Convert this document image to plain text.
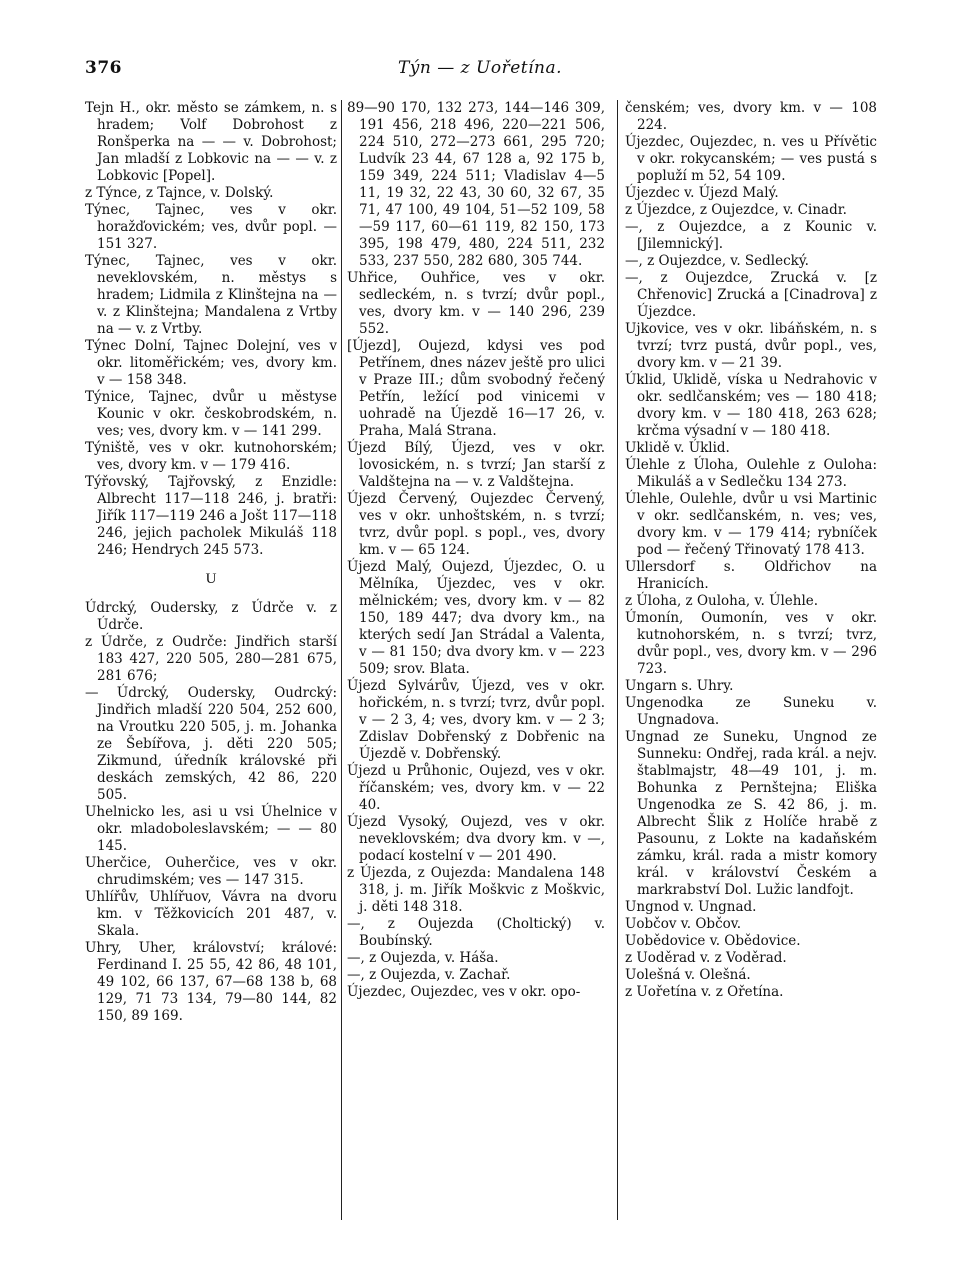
376	Týn — z Uořetína.

Tejn H., okr. město se zámkem, n. s hradem; Volf Dobrohost z Ronšperka na — — v. Dobrohost; Jan mladší z Lobkovic na — — v. z Lobkovic [Popel].

z Týnce, z Tajnce, v. Dolský.

Týnec, Tajnec, ves v okr. horažďovickém; ves, dvůr popl. — 151 327.

Týnec, Tajnec, ves v okr. neveklovském, n. městys s hradem; Lidmila z Klinštejna na — v. z Klinštejna; Mandalena z Vrtby na — v. z Vrtby.

Týnec Dolní, Tajnec Dolejní, ves v okr. litoměřickém; ves, dvory km. v — 158 348.

Týnice, Tajnec, dvůr u městyse Kounic v okr. českobrodském, n. ves; ves, dvory km. v — 141 299.

Týniště, ves v okr. kutnohorském; ves, dvory km. v — 179 416.

Týřovský, Tajřovský, z Enzidle: Albrecht 117—118 246, j. bratři: Jiřík 117—119 246 a Jošt 117—118 246, jejich pacholek Mikuláš 118 246; Hendrych 245 573.

U

Údrcký, Oudersky, z Údrče v. z Údrče.

z Údrče, z Oudrče: Jindřich starší 183 427, 220 505, 280—281 675, 281 676;

— Údrcký, Oudersky, Oudrcký: Jindřich mladší 220 504, 252 600, na Vroutku 220 505, j. m. Johanka ze Šebířova, j. děti 220 505; Zikmund, úředník královské při deskách zemských, 42 86, 220 505.

Uhelnicko les, asi u vsi Úhelnice v okr. mladoboleslavském; — — 80 145.

Uherčice, Ouherčice, ves v okr. chrudimském; ves — 147 315.

Uhlířův, Uhlířuov, Vávra na dvoru km. v Těžkovicích 201 487, v. Skala.

Uhry, Uher, království; králové: Ferdinand I. 25 55, 42 86, 48 101, 49 102, 66 137, 67—68 138 b, 68 129, 71 73 134, 79—80 144, 82 150, 89 169.

89—90 170, 132 273, 144—146 309, 191 456, 218 496, 220—221 506, 224 510, 272—273 661, 295 720; Ludvík 23 44, 67 128 a, 92 175 b, 159 349, 224 511; Vladislav 4—5 11, 19 32, 22 43, 30 60, 32 67, 35 71, 47 100, 49 104, 51—52 109, 58—59 117, 60—61 119, 82 150, 173 395, 198 479, 480, 224 511, 232 533, 237 550, 282 680, 305 744.

Uhřice, Ouhřice, ves v okr. sedleckém, n. s tvrzí; dvůr popl., ves, dvory km. v — 140 296, 239 552.

[Újezd], Oujezd, kdysi ves pod Petřínem, dnes název ještě pro ulici v Praze III.; dům svobodný řečený Petřín, ležící pod vinicemi v uohradě na Újezdě 16—17 26, v. Praha, Malá Strana.

Újezd Bílý, Újezd, ves v okr. lovosickém, n. s tvrzí; Jan starší z Valdštejna na — v. z Valdštejna.

Újezd Červený, Oujezdec Červený, ves v okr. unhoštském, n. s tvrzí; tvrz, dvůr popl. s popl., ves, dvory km. v — 65 124.

Újezd Malý, Oujezd, Újezdec, O. u Mělníka, Újezdec, ves v okr. mělnickém; ves, dvory km. v — 82 150, 189 447; dva dvory km., na kterých sedí Jan Strádal a Valenta, v — 81 150; dva dvory km. v — 223 509; srov. Blata.

Újezd Sylvárův, Újezd, ves v okr. hořickém, n. s tvrzí; tvrz, dvůr popl. v — 2 3, 4; ves, dvory km. v — 2 3; Zdislav Dobřenský z Dobřenic na Újezdě v. Dobřenský.

Újezd u Průhonic, Oujezd, ves v okr. říčanském; ves, dvory km. v — 22 40.

Újezd Vysoký, Oujezd, ves v okr. neveklovském; dva dvory km. v —, podací kostelní v — 201 490.

z Újezda, z Oujezda: Mandalena 148 318, j. m. Jiřík Moškvic z Moškvic, j. děti 148 318.

—, z Oujezda (Choltický) v. Boubínský.

—, z Oujezda, v. Háša.

—, z Oujezda, v. Zachař.

Újezdec, Oujezdec, ves v okr. opo-

čenském; ves, dvory km. v — 108 224.

Újezdec, Oujezdec, n. ves u Přívětic v okr. rokycanském; — ves pustá s popluží m 52, 54 109.

Újezdec v. Újezd Malý.

z Újezdce, z Oujezdce, v. Cinadr.

—, z Oujezdce, a z Kounic v. [Jilemnický].

—, z Oujezdce, v. Sedlecký.

—, z Oujezdce, Zrucká v. [z Chřenovic] Zrucká a [Cinadrova] z Újezdce.

Ujkovice, ves v okr. libáňském, n. s tvrzí; tvrz pustá, dvůr popl., ves, dvory km. v — 21 39.

Úklid, Uklidě, víska u Nedrahovic v okr. sedlčanském; ves — 180 418; dvory km. v — 180 418, 263 628; krčma výsadní v — 180 418.

Uklidě v. Úklid.

Úlehle z Úloha, Oulehle z Ouloha: Mikuláš a v Sedlečku 134 273.

Úlehle, Oulehle, dvůr u vsi Martinic v okr. sedlčanském, n. ves; ves, dvory km. v — 179 414; rybníček pod — řečený Třinovatý 178 413.

Ullersdorf s. Oldřichov na Hranicích.

z Úloha, z Ouloha, v. Úlehle.

Úmonín, Oumonín, ves v okr. kutnohorském, n. s tvrzí; tvrz, dvůr popl., ves, dvory km. v — 296 723.

Ungarn s. Uhry.

Ungenodka ze Suneku v. Ungnadova.

Ungnad ze Suneku, Ungnod ze Sunneku: Ondřej, rada král. a nejv. štablmajstr, 48—49 101, j. m. Bohunka z Pernštejna; Eliška Ungenodka ze S. 42 86, j. m. Albrecht Šlik z Holíče hrabě z Pasounu, z Lokte na kadaňském zámku, král. rada a mistr komory král. v království Českém a markrabství Dol. Lužic landfojt.

Ungnod v. Ungnad.

Uobčov v. Občov.

Uobědovice v. Obědovice.

z Uoděrad v. z Voděrad.

Uolešná v. Olešná.

z Uořetína v. z Ořetína.
